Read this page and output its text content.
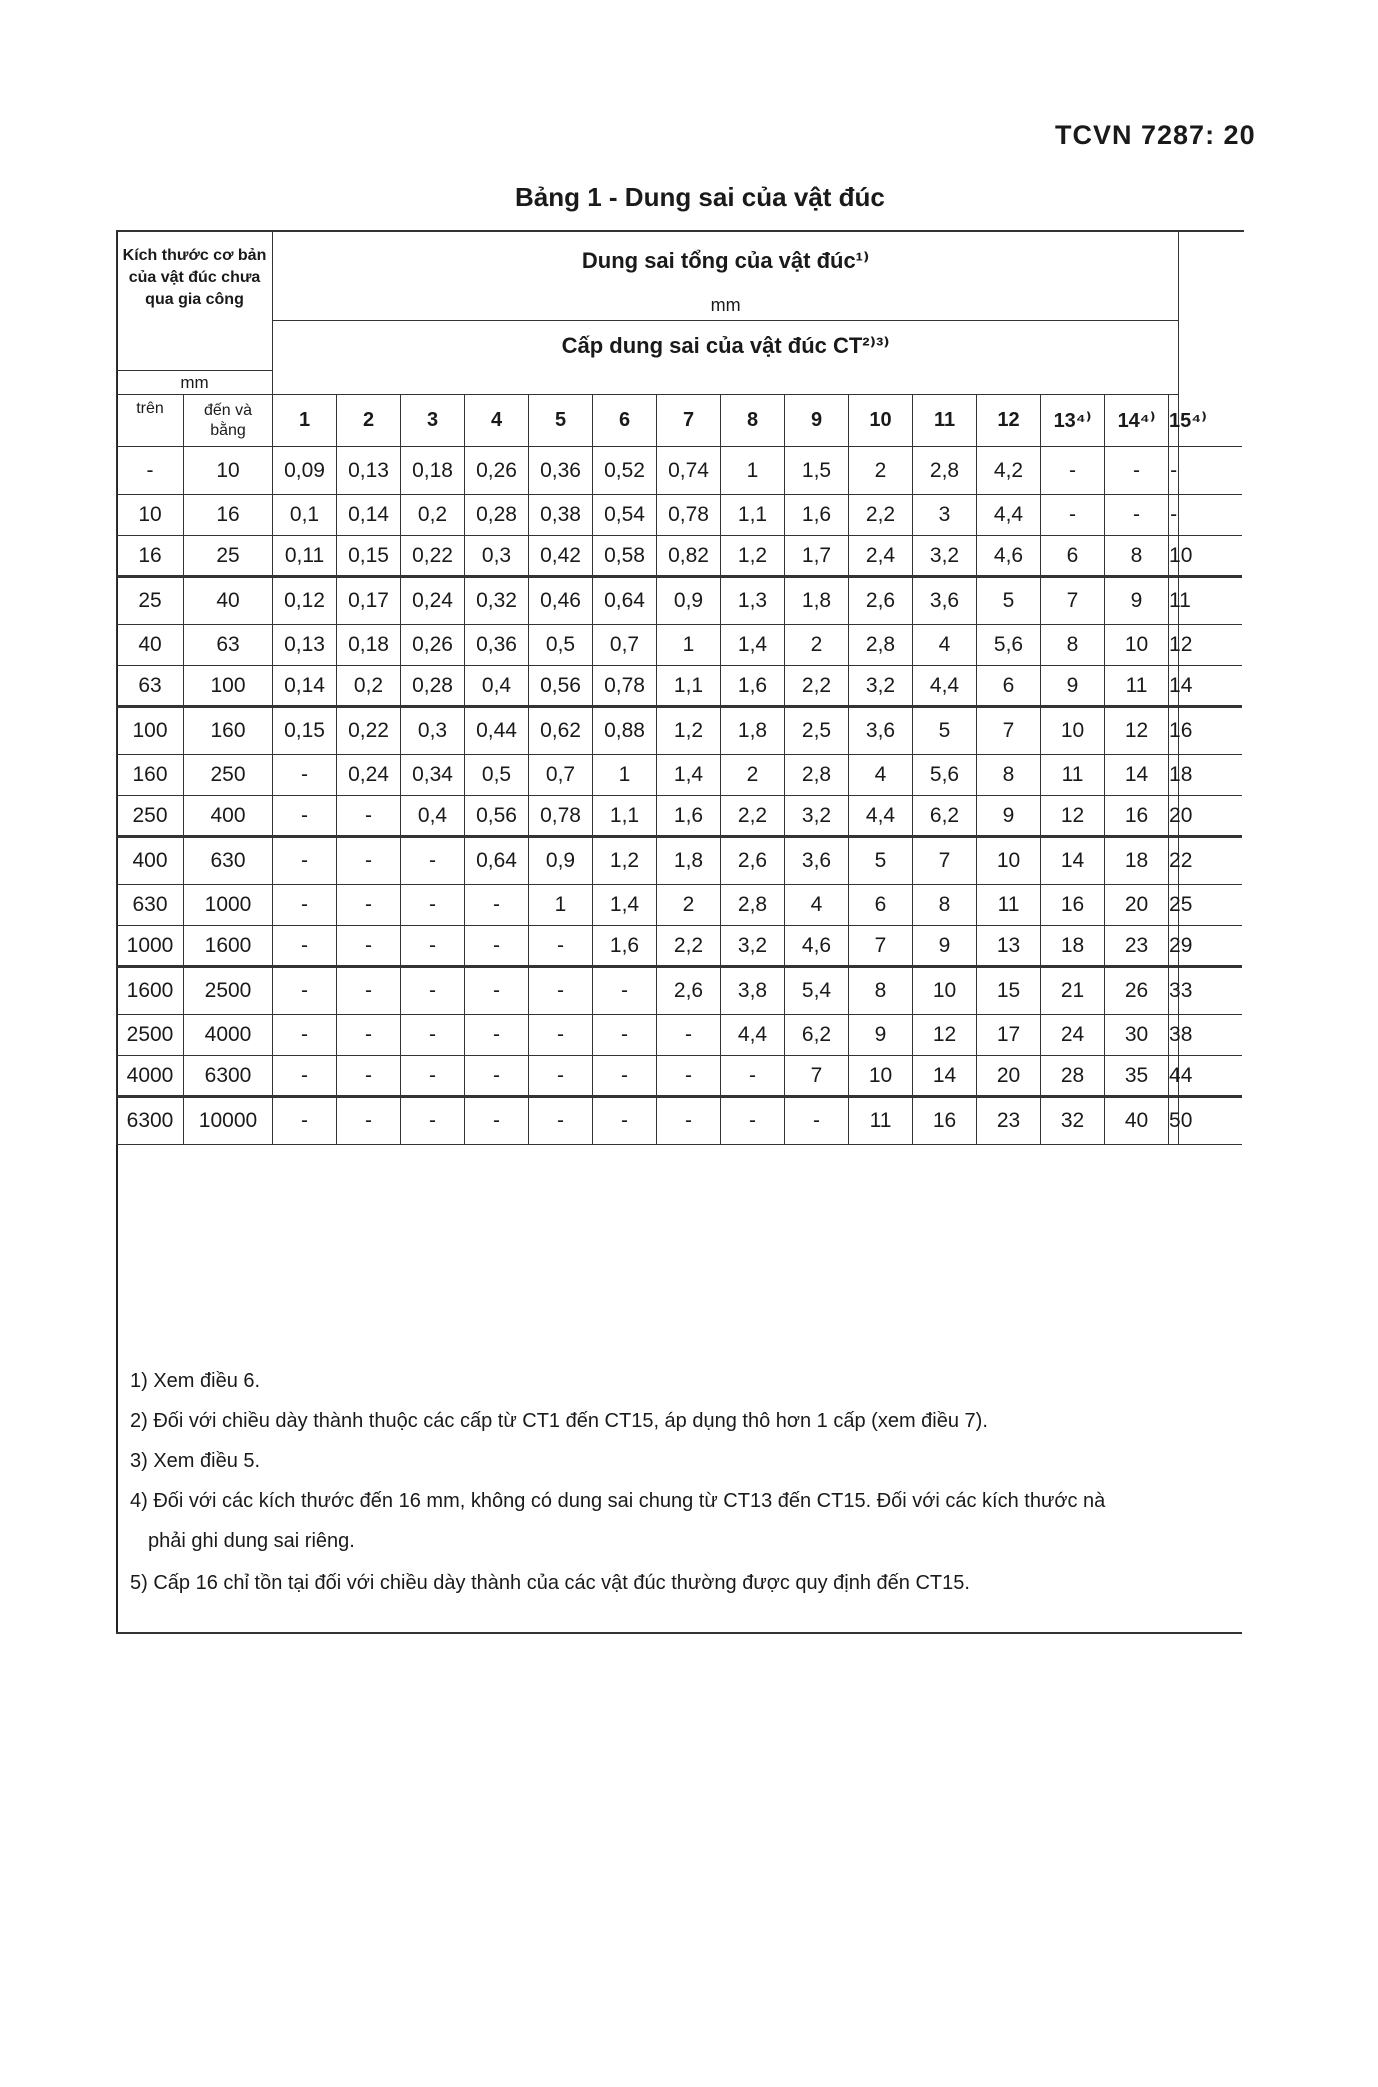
TCVN 7287: 20
Bảng 1 - Dung sai của vật đúc
Kích thước cơ bản của vật đúc chưa qua gia công		Dung sai tổng của vật đúc¹⁾															
		mm															
		Cấp dung sai của vật đúc CT²⁾³⁾															
mm																	
trên	đến và bằng	1	2	3	4	5	6	7	8	9	10	11	12	13⁴⁾	14⁴⁾	15⁴⁾	
-	10	0,09	0,13	0,18	0,26	0,36	0,52	0,74	1	1,5	2	2,8	4,2	-	-	-	
10	16	0,1	0,14	0,2	0,28	0,38	0,54	0,78	1,1	1,6	2,2	3	4,4	-	-	-	
16	25	0,11	0,15	0,22	0,3	0,42	0,58	0,82	1,2	1,7	2,4	3,2	4,6	6	8	10	
25	40	0,12	0,17	0,24	0,32	0,46	0,64	0,9	1,3	1,8	2,6	3,6	5	7	9	11	
40	63	0,13	0,18	0,26	0,36	0,5	0,7	1	1,4	2	2,8	4	5,6	8	10	12	
63	100	0,14	0,2	0,28	0,4	0,56	0,78	1,1	1,6	2,2	3,2	4,4	6	9	11	14	
100	160	0,15	0,22	0,3	0,44	0,62	0,88	1,2	1,8	2,5	3,6	5	7	10	12	16	
160	250	-	0,24	0,34	0,5	0,7	1	1,4	2	2,8	4	5,6	8	11	14	18	
250	400	-	-	0,4	0,56	0,78	1,1	1,6	2,2	3,2	4,4	6,2	9	12	16	20	
400	630	-	-	-	0,64	0,9	1,2	1,8	2,6	3,6	5	7	10	14	18	22	
630	1000	-	-	-	-	1	1,4	2	2,8	4	6	8	11	16	20	25	
1000	1600	-	-	-	-	-	1,6	2,2	3,2	4,6	7	9	13	18	23	29	
1600	2500	-	-	-	-	-	-	2,6	3,8	5,4	8	10	15	21	26	33	
2500	4000	-	-	-	-	-	-	-	4,4	6,2	9	12	17	24	30	38	
4000	6300	-	-	-	-	-	-	-	-	7	10	14	20	28	35	44	
6300	10000	-	-	-	-	-	-	-	-	-	11	16	23	32	40	50	
1) Xem điều 6.
2) Đối với chiều dày thành thuộc các cấp từ CT1 đến CT15, áp dụng thô hơn 1 cấp (xem điều 7).
3) Xem điều 5.
4) Đối với các kích thước đến 16 mm, không có dung sai chung từ CT13 đến CT15. Đối với các kích thước nà
phải ghi dung sai riêng.
5) Cấp 16 chỉ tồn tại đối với chiều dày thành của các vật đúc thường được quy định đến CT15.
